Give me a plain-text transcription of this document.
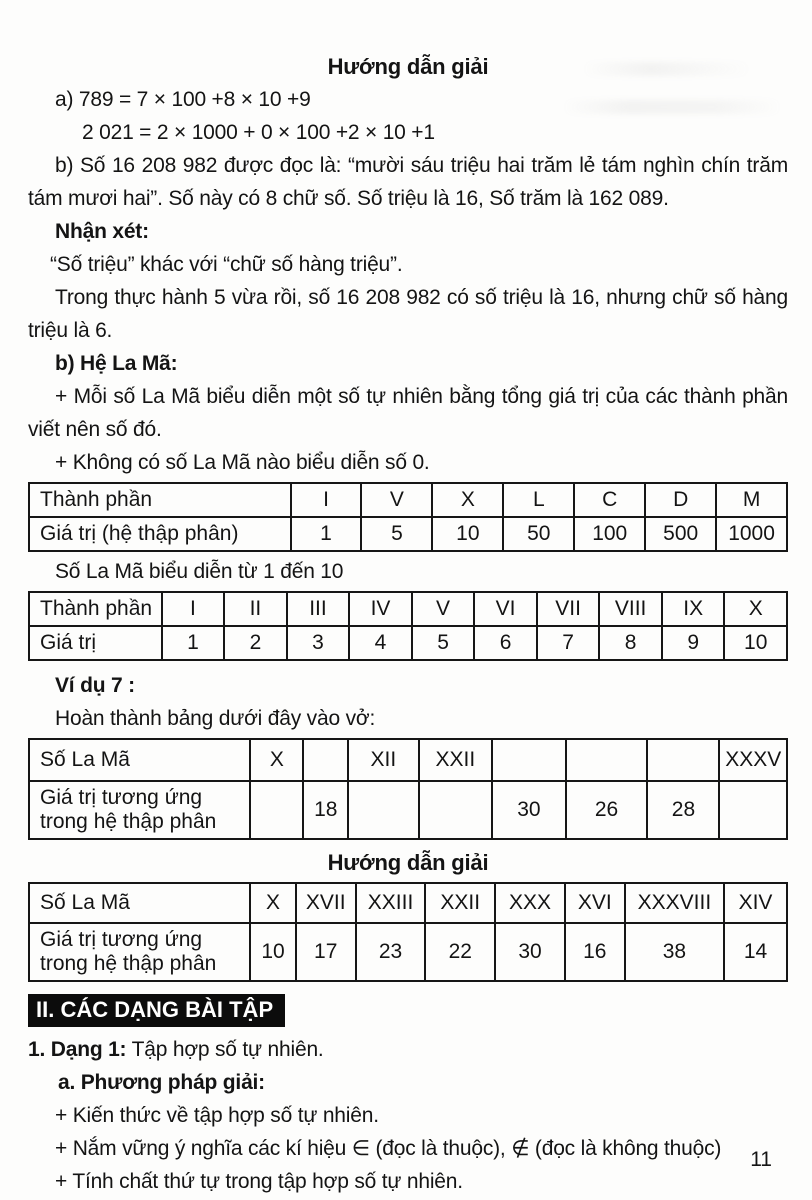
Hướng dẫn giải

a) 789 = 7 × 100 +8 × 10 +9

2 021 = 2 × 1000 + 0 × 100 +2 × 10 +1

b) Số 16 208 982 được đọc là: “mười sáu triệu hai trăm lẻ tám nghìn chín trăm tám mươi hai”. Số này có 8 chữ số. Số triệu là 16, Số trăm là 162 089.

Nhận xét:

“Số triệu” khác với “chữ số hàng triệu”.

Trong thực hành 5 vừa rồi, số 16 208 982 có số triệu là 16, nhưng chữ số hàng triệu là 6.

b) Hệ La Mã:

+ Mỗi số La Mã biểu diễn một số tự nhiên bằng tổng giá trị của các thành phần viết nên số đó.

+ Không có số La Mã nào biểu diễn số 0.

Thành phần	I	V	X	L	C	D	M
Giá trị (hệ thập phân)	1	5	10	50	100	500	1000

Số La Mã biểu diễn từ 1 đến 10

Thành phần	I	II	III	IV	V	VI	VII	VIII	IX	X
Giá trị	1	2	3	4	5	6	7	8	9	10

Ví dụ 7 :

Hoàn thành bảng dưới đây vào vở:

Số La Mã	X		XII	XXII				XXXV
Giá trị tương ứng trong hệ thập phân		18			30	26	28	
Hướng dẫn giải
Số La Mã	X	XVII	XXIII	XXII	XXX	XVI	XXXVIII	XIV
Giá trị tương ứng trong hệ thập phân	10	17	23	22	30	16	38	14
II. CÁC DẠNG BÀI TẬP

1. Dạng 1: Tập hợp số tự nhiên.

a. Phương pháp giải:

+ Kiến thức về tập hợp số tự nhiên.

+ Nắm vững ý nghĩa các kí hiệu ∈ (đọc là thuộc), ∉ (đọc là không thuộc)

+ Tính chất thứ tự trong tập hợp số tự nhiên.

11
